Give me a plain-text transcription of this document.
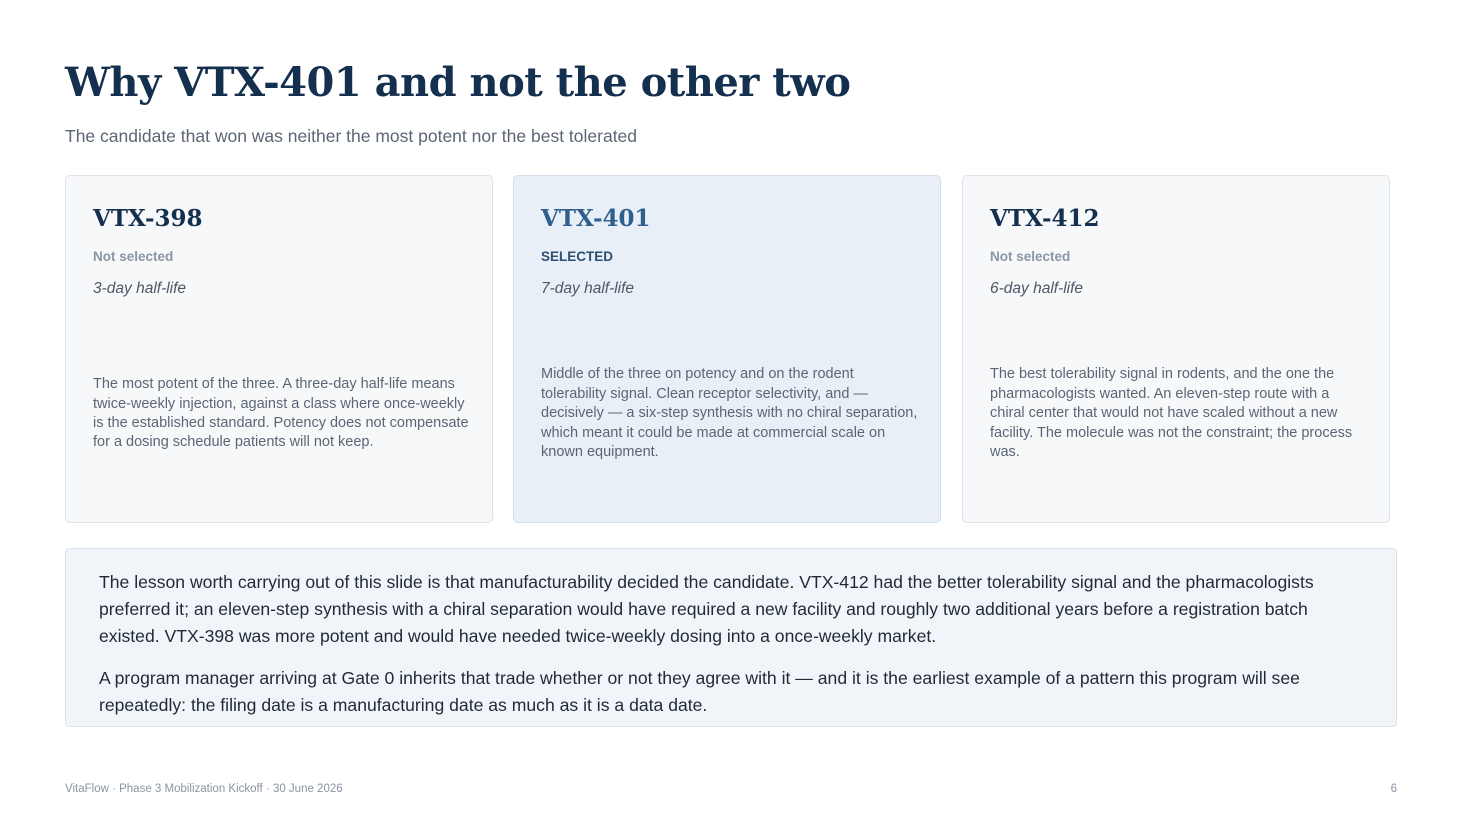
Why VTX-401 and not the other two
The candidate that won was neither the most potent nor the best tolerated
VTX-398
Not selected
3-day half-life

The most potent of the three. A three-day half-life means twice-weekly injection, against a class where once-weekly is the established standard. Potency does not compensate for a dosing schedule patients will not keep.

VTX-401
SELECTED
7-day half-life

Middle of the three on potency and on the rodent tolerability signal. Clean receptor selectivity, and — decisively — a six-step synthesis with no chiral separation, which meant it could be made at commercial scale on known equipment.

VTX-412
Not selected
6-day half-life

The best tolerability signal in rodents, and the one the pharmacologists wanted. An eleven-step route with a chiral center that would not have scaled without a new facility. The molecule was not the constraint; the process was.

The lesson worth carrying out of this slide is that manufacturability decided the candidate. VTX-412 had the better tolerability signal and the pharmacologists preferred it; an eleven-step synthesis with a chiral separation would have required a new facility and roughly two additional years before a registration batch existed. VTX-398 was more potent and would have needed twice-weekly dosing into a once-weekly market.

A program manager arriving at Gate 0 inherits that trade whether or not they agree with it — and it is the earliest example of a pattern this program will see repeatedly: the filing date is a manufacturing date as much as it is a data date.

VitaFlow · Phase 3 Mobilization Kickoff · 30 June 2026	6
